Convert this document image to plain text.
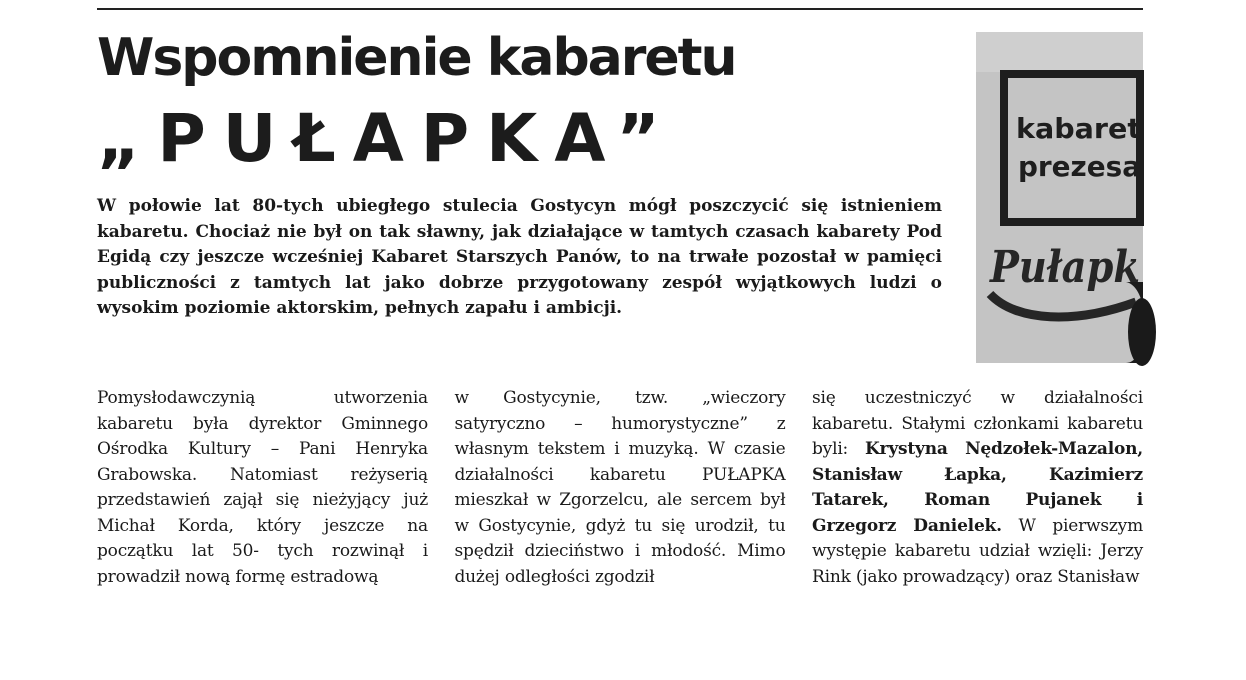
Wspomnienie kabaretu
„PUŁAPKA”

W połowie lat 80-tych ubiegłego stulecia Gostycyn mógł poszczycić się istnieniem kabaretu. Chociaż nie był on tak sławny, jak działające w tamtych czasach kabarety Pod Egidą czy jeszcze wcześniej Kabaret Starszych Panów, to na trwałe pozostał w pamięci publiczności z tamtych lat jako dobrze przygotowany zespół wyjątkowych ludzi o wysokim poziomie aktorskim, pełnych zapału i ambicji.

kabaret
prezesa
Pułapk

Pomysłodawczynią utworzenia kabaretu była dyrektor Gminnego Ośrodka Kultury – Pani Henryka Grabowska. Natomiast reżyserią przedstawień zajął się nieżyjący już Michał Korda, który jeszcze na początku lat 50- tych rozwinął i prowadził nową formę estradową

w Gostycynie, tzw. „wieczory satyryczno – humorystyczne” z własnym tekstem i muzyką. W czasie działalności kabaretu PUŁAPKA mieszkał w Zgorzelcu, ale sercem był w Gostycynie, gdyż tu się urodził, tu spędził dzieciństwo i młodość. Mimo dużej odległości zgodził

się uczestniczyć w działalności kabaretu. Stałymi członkami kabaretu byli: Krystyna Nędzołek-Mazalon, Stanisław Łapka, Kazimierz Tatarek, Roman Pujanek i Grzegorz Danielek. W pierwszym występie kabaretu udział wzięli: Jerzy Rink (jako prowadzący) oraz Stanisław
